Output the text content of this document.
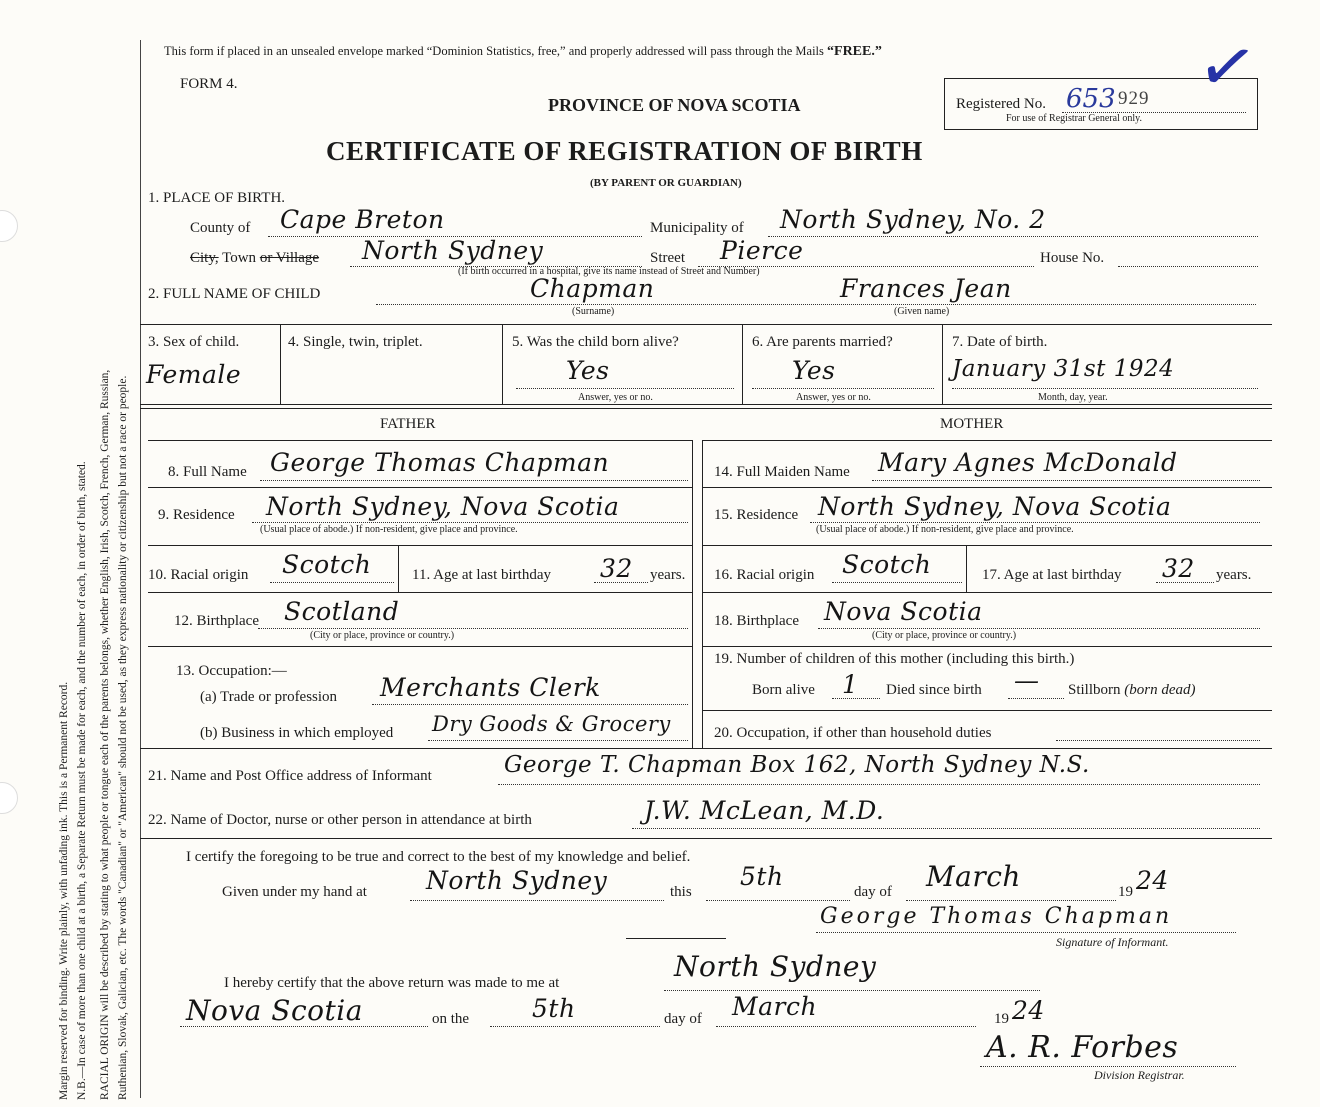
Margin reserved for binding. Write plainly, with unfading ink. This is a Permanent Record. N.B.—In case of more than one child at a birth, a Separate Return must be made for each, and the number of each, in order of birth, stated. RACIAL ORIGIN will be described by stating to what people or tongue each of the parents belongs, whether English, Irish, Scotch, French, German, Russian, Ruthenian, Slovak, Galician, etc. The words "Canadian" or "American" should not be used, as they express nationality or citizenship but not a race or people.
This form if placed in an unsealed envelope marked “Dominion Statistics, free,” and properly addressed will pass through the Mails “FREE.”
FORM 4.
PROVINCE OF NOVA SCOTIA
CERTIFICATE OF REGISTRATION OF BIRTH
(BY PARENT OR GUARDIAN)
Registered No. 653 929
For use of Registrar General only.
✓
1. PLACE OF BIRTH.
County of Cape Breton	Municipality of North Sydney, No. 2
City, Town or Village North Sydney	Street Pierce
(If birth occurred in a hospital, give its name instead of Street and Number)
House No.
2. FULL NAME OF CHILD	Chapman
(Surname)
Frances Jean
(Given name)
3. Sex of child.
Female
4. Single, twin, triplet.	5. Was the child born alive?
Yes
Answer, yes or no.
6. Are parents married?
Yes
Answer, yes or no.
7. Date of birth.
January 31st 1924
Month, day, year.
FATHER	MOTHER
8. Full Name George Thomas Chapman
9. Residence North Sydney, Nova Scotia
(Usual place of abode.) If non-resident, give place and province.
10. Racial origin Scotch	11. Age at last birthday 32 years.
12. Birthplace Scotland
(City or place, province or country.)
13. Occupation:—
(a) Trade or profession Merchants Clerk
(b) Business in which employed Dry Goods & Grocery
14. Full Maiden Name Mary Agnes McDonald
15. Residence North Sydney, Nova Scotia
(Usual place of abode.) If non-resident, give place and province.
16. Racial origin Scotch	17. Age at last birthday 32 years.
18. Birthplace Nova Scotia
(City or place, province or country.)
19. Number of children of this mother (including this birth.)
Born alive 1 Died since birth — Stillborn (born dead)
20. Occupation, if other than household duties
21. Name and Post Office address of Informant	George T. Chapman Box 162, North Sydney N.S.
22. Name of Doctor, nurse or other person in attendance at birth	J.W. McLean, M.D.
I certify the foregoing to be true and correct to the best of my knowledge and belief.
Given under my hand at North Sydney	this
5th
day of March	19 24
George Thomas Chapman
Signature of Informant.
I hereby certify that the above return was made to me at	North Sydney
Nova Scotia	on the	5th	day of March	19 24
A. R. Forbes
Division Registrar.
